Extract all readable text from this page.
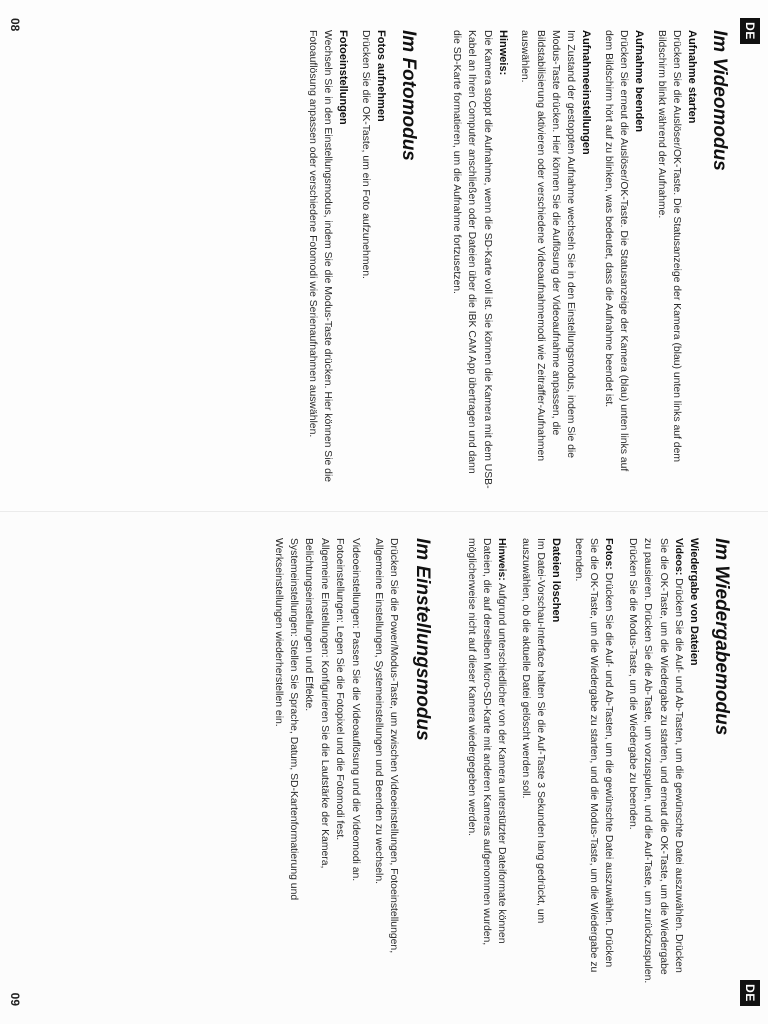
DE
Im Videomodus
Aufnahme starten

Drücken Sie die Auslöser/OK-Taste. Die Statusanzeige der Kamera (blau) unten links auf dem Bildschirm blinkt während der Aufnahme.

Aufnahme beenden

Drücken Sie erneut die Auslöser/OK-Taste. Die Statusanzeige der Kamera (blau) unten links auf dem Bildschirm hört auf zu blinken, was bedeutet, dass die Aufnahme beendet ist.

Aufnahmeeinstellungen

Im Zustand der gestoppten Aufnahme wechseln Sie in den Einstellungsmodus, indem Sie die Modus-Taste drücken. Hier können Sie die Auflösung der Videoaufnahme anpassen, die Bildstabilisierung aktivieren oder verschiedene Videoaufnahmemodi wie Zeitraffer-Aufnahmen auswählen.

Hinweis:

Die Kamera stoppt die Aufnahme, wenn die SD-Karte voll ist. Sie können die Kamera mit dem USB-Kabel an Ihren Computer anschließen oder Dateien über die IBK CAM App übertragen und dann die SD-Karte formatieren, um die Aufnahme fortzusetzen.

Im Fotomodus
Fotos aufnehmen

Drücken Sie die OK-Taste, um ein Foto aufzunehmen.

Fotoeinstellungen

Wechseln Sie in den Einstellungsmodus, indem Sie die Modus-Taste drücken. Hier können Sie die Fotoauflösung anpassen oder verschiedene Fotomodi wie Serienaufnahmen auswählen.

08
DE
Im Wiedergabemodus
Wiedergabe von Dateien

Videos: Drücken Sie die Auf- und Ab-Tasten, um die gewünschte Datei auszuwählen. Drücken Sie die OK-Taste, um die Wiedergabe zu starten, und erneut die OK-Taste, um die Wiedergabe zu pausieren. Drücken Sie die Ab-Taste, um vorzuspulen, und die Auf-Taste, um zurückzuspulen. Drücken Sie die Modus-Taste, um die Wiedergabe zu beenden.

Fotos: Drücken Sie die Auf- und Ab-Tasten, um die gewünschte Datei auszuwählen. Drücken Sie die OK-Taste, um die Wiedergabe zu starten, und die Modus-Taste, um die Wiedergabe zu beenden.

Dateien löschen

Im Datei-Vorschau-Interface halten Sie die Auf-Taste 3 Sekunden lang gedrückt, um auszuwählen, ob die aktuelle Datei gelöscht werden soll.

Hinweis: Aufgrund unterschiedlicher von der Kamera unterstützter Dateiformate können Dateien, die auf derselben Micro-SD-Karte mit anderen Kameras aufgenommen wurden, möglicherweise nicht auf dieser Kamera wiedergegeben werden.

Im Einstellungsmodus

Drücken Sie die Power/Modus-Taste, um zwischen Videoeinstellungen, Fotoeinstellungen, Allgemeine Einstellungen, Systemeinstellungen und Beenden zu wechseln.

Videoeinstellungen: Passen Sie die Videoauflösung und die Videomodi an.

Fotoeinstellungen: Legen Sie die Fotopixel und die Fotomodi fest.

Allgemeine Einstellungen: Konfigurieren Sie die Lautstärke der Kamera, Belichtungseinstellungen und Effekte.

Systemeinstellungen: Stellen Sie Sprache, Datum, SD-Kartenformatierung und Werkseinstellungen wiederherstellen ein.

09
